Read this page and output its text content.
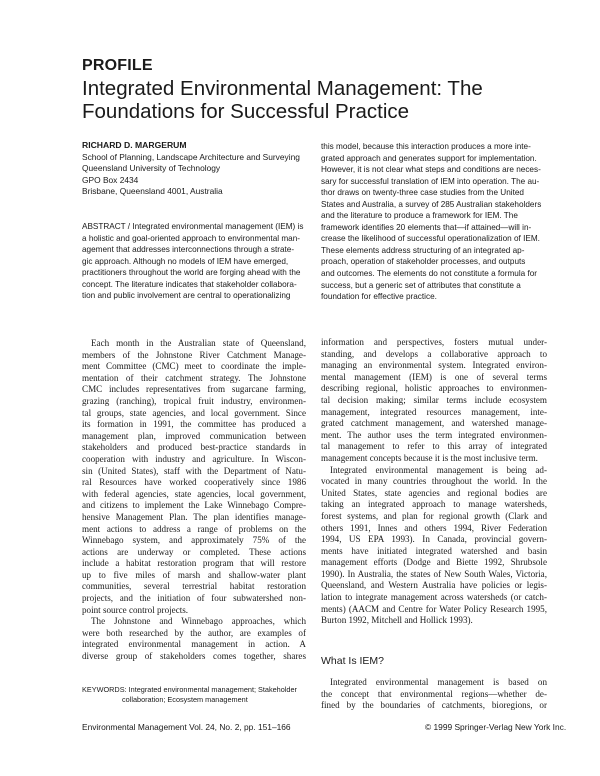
PROFILE
Integrated Environmental Management: The
Foundations for Successful Practice
RICHARD D. MARGERUM
School of Planning, Landscape Architecture and Surveying
Queensland University of Technology
GPO Box 2434
Brisbane, Queensland 4001, Australia
ABSTRACT / Integrated environmental management (IEM) is
a holistic and goal-oriented approach to environmental man-
agement that addresses interconnections through a strate-
gic approach. Although no models of IEM have emerged,
practitioners throughout the world are forging ahead with the
concept. The literature indicates that stakeholder collabora-
tion and public involvement are central to operationalizing
this model, because this interaction produces a more inte-
grated approach and generates support for implementation.
However, it is not clear what steps and conditions are neces-
sary for successful translation of IEM into operation. The au-
thor draws on twenty-three case studies from the United
States and Australia, a survey of 285 Australian stakeholders
and the literature to produce a framework for IEM. The
framework identifies 20 elements that—if attained—will in-
crease the likelihood of successful operationalization of IEM.
These elements address structuring of an integrated ap-
proach, operation of stakeholder processes, and outputs
and outcomes. The elements do not constitute a formula for
success, but a generic set of attributes that constitute a
foundation for effective practice.
Each month in the Australian state of Queensland,
members of the Johnstone River Catchment Manage-
ment Committee (CMC) meet to coordinate the imple-
mentation of their catchment strategy. The Johnstone
CMC includes representatives from sugarcane farming,
grazing (ranching), tropical fruit industry, environmen-
tal groups, state agencies, and local government. Since
its formation in 1991, the committee has produced a
management plan, improved communication between
stakeholders and produced best-practice standards in
cooperation with industry and agriculture. In Wiscon-
sin (United States), staff with the Department of Natu-
ral Resources have worked cooperatively since 1986
with federal agencies, state agencies, local government,
and citizens to implement the Lake Winnebago Compre-
hensive Management Plan. The plan identifies manage-
ment actions to address a range of problems on the
Winnebago system, and approximately 75% of the
actions are underway or completed. These actions
include a habitat restoration program that will restore
up to five miles of marsh and shallow-water plant
communities, several terrestrial habitat restoration
projects, and the initiation of four subwatershed non-
point source control projects.
The Johnstone and Winnebago approaches, which
were both researched by the author, are examples of
integrated environmental management in action. A
diverse group of stakeholders comes together, shares
information and perspectives, fosters mutual under-
standing, and develops a collaborative approach to
managing an environmental system. Integrated environ-
mental management (IEM) is one of several terms
describing regional, holistic approaches to environmen-
tal decision making; similar terms include ecosystem
management, integrated resources management, inte-
grated catchment management, and watershed manage-
ment. The author uses the term integrated environmen-
tal management to refer to this array of integrated
management concepts because it is the most inclusive term.
Integrated environmental management is being ad-
vocated in many countries throughout the world. In the
United States, state agencies and regional bodies are
taking an integrated approach to manage watersheds,
forest systems, and plan for regional growth (Clark and
others 1991, Innes and others 1994, River Federation
1994, US EPA 1993). In Canada, provincial govern-
ments have initiated integrated watershed and basin
management efforts (Dodge and Biette 1992, Shrubsole
1990). In Australia, the states of New South Wales, Victoria,
Queensland, and Western Australia have policies or legis-
lation to integrate management across watersheds (or catch-
ments) (AACM and Centre for Water Policy Research 1995,
Burton 1992, Mitchell and Hollick 1993).
What Is IEM?
Integrated environmental management is based on
the concept that environmental regions—whether de-
fined by the boundaries of catchments, bioregions, or
KEYWORDS: Integrated environmental management; Stakeholder
collaboration; Ecosystem management
Environmental Management Vol. 24, No. 2, pp. 151–166	© 1999 Springer-Verlag New York Inc.
